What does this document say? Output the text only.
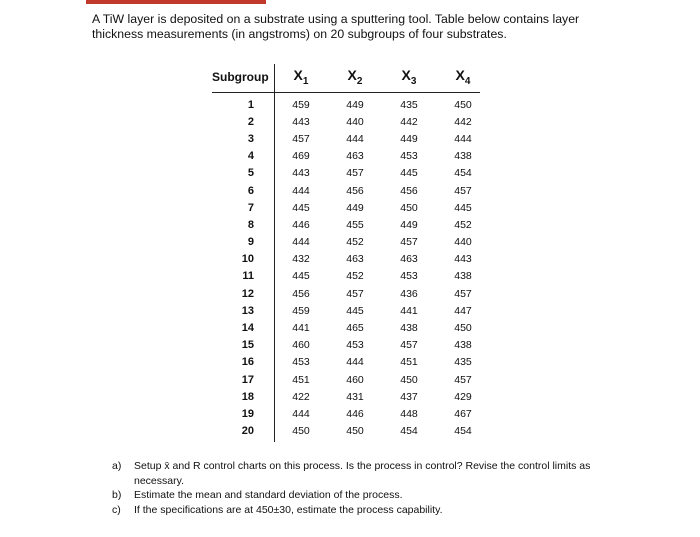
A TiW layer is deposited on a substrate using a sputtering tool. Table below contains layer thickness measurements (in angstroms) on 20 subgroups of four substrates.
Subgroup	$X_1$	$X_2$	$X_3$	$X_4$
1	459	449	435	450
2	443	440	442	442
3	457	444	449	444
4	469	463	453	438
5	443	457	445	454
6	444	456	456	457
7	445	449	450	445
8	446	455	449	452
9	444	452	457	440
10	432	463	463	443
11	445	452	453	438
12	456	457	436	457
13	459	445	441	447
14	441	465	438	450
15	460	453	457	438
16	453	444	451	435
17	451	460	450	457
18	422	431	437	429
19	444	446	448	467
20	450	450	454	454
a)	Setup x̄ and R control charts on this process. Is the process in control? Revise the control limits as necessary.
b)	Estimate the mean and standard deviation of the process.
c)	If the specifications are at 450±30, estimate the process capability.
